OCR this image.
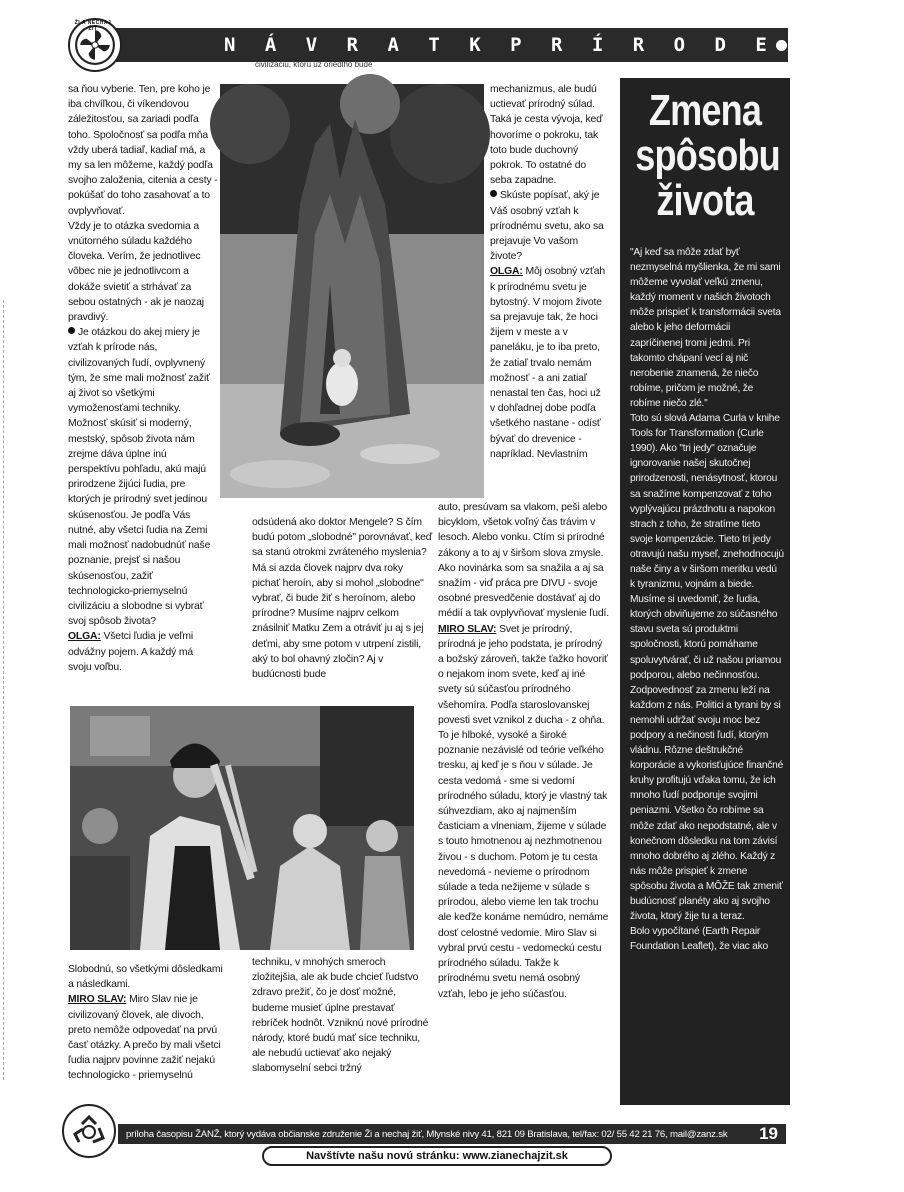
ŽI A NECHAJ ŽIŤ
N Á V R A T K P R Í R O D E ŽANŽ príloha
civilizáciu, ktorú uz onedlho bude

sa ňou vyberie. Ten, pre koho je iba chvíľkou, či víkendovou záležitosťou, sa zariadi podľa toho. Spoločnosť sa podľa mňa vždy uberá tadiaľ, kadiaľ má, a my sa len môžeme, každý podľa svojho založenia, citenia a cesty - pokúšať do toho zasahovať a to ovplyvňovať.

Vždy je to otázka svedomia a vnútorného súladu každého človeka. Verím, že jednotlivec vôbec nie je jednotlivcom a dokáže svietiť a strhávať za sebou ostatných - ak je naozaj pravdivý.

Je otázkou do akej miery je vzťah k prírode nás, civilizovaných ľudí, ovplyvnený tým, že sme mali možnosť zažiť aj život so všetkými vymoženosťami techniky. Možnosť skúsiť si moderný, mestský, spôsob života nám zrejme dáva úplne inú perspektívu pohľadu, akú majú prirodzene žijúci ľudia, pre ktorých je prírodný svet jedinou skúsenosťou. Je podľa Vás nutné, aby všetci ľudia na Zemi mali možnosť nadobudnúť naše poznanie, prejsť si našou skúsenosťou, zažiť technologicko-priemyselnú civilizáciu a slobodne si vybrať svoj spôsob života?

OLGA: Všetci ľudia je veľmi odvážny pojem. A každý má svoju voľbu.

mechanizmus, ale budú uctievať prírodný súlad. Taká je cesta vývoja, keď hovoríme o pokroku, tak toto bude duchovný pokrok. To ostatné do seba zapadne.

Skúste popísať, aký je Váš osobný vzťah k prírodnému svetu, ako sa prejavuje Vo vašom živote?

OLGA: Môj osobný vzťah k prírodnému svetu je bytostný. V mojom živote sa prejavuje tak, že hoci žijem v meste a v paneláku, je to iba preto, že zatiaľ trvalo nemám možnosť - a ani zatiaľ nenastal ten čas, hoci už v dohľadnej dobe podľa všetkého nastane - odísť bývať do drevenice - napríklad. Nevlastním

odsúdená ako doktor Mengele? S čím budú potom „slobodné" porovnávať, keď sa stanú otrokmi zvráteného myslenia? Má si azda človek najprv dva roky pichať heroín, aby si mohol „slobodne" vybrať, či bude žiť s heroínom, alebo prírodne? Musíme najprv celkom znásilniť Matku Zem a otráviť ju aj s jej deťmi, aby sme potom v utrpení zistili, aký to bol ohavný zločin? Aj v budúcnosti bude

auto, presúvam sa vlakom, peši alebo bicyklom, všetok voľný čas trávim v lesoch. Alebo vonku. Ctím si prírodné zákony a to aj v širšom slova zmysle. Ako novinárka som sa snažila a aj sa snažím - viď práca pre DIVU - svoje osobné presvedčenie dostávať aj do médií a tak ovplyvňovať myslenie ľudí.

MIRO SLAV: Svet je prírodný, prírodná je jeho podstata, je prírodný a božský zároveň, takže ťažko hovoriť o nejakom inom svete, keď aj iné svety sú súčasťou prírodného všehomíra. Podľa staroslovanskej povesti svet vznikol z ducha - z ohňa. To je hlboké, vysoké a široké poznanie nezávislé od teórie veľkého tresku, aj keď je s ňou v súlade. Je cesta vedomá - sme si vedomí prírodného súladu, ktorý je vlastný tak súhvezdiam, ako aj najmenším časticiam a vlneniam, žijeme v súlade s touto hmotnenou aj nezhmotnenou živou - s duchom. Potom je tu cesta nevedomá - nevieme o prírodnom súlade a teda nežijeme v súlade s prírodou, alebo vieme len tak trochu ale keďže konáme nemúdro, nemáme dosť celostné vedomie. Miro Slav si vybral prvú cestu - vedomeckú cestu prírodného súladu. Takže k prírodnému svetu nemá osobný vzťah, lebo je jeho súčasťou.

Slobodnú, so všetkými dôsledkami a následkami.

MIRO SLAV: Miro Slav nie je civilizovaný človek, ale divoch, preto nemôže odpovedať na prvú časť otázky. A prečo by mali všetci ľudia najprv povinne zažiť nejakú technologicko - priemyselnú

techniku, v mnohých smeroch zložitejšia, ale ak bude chcieť ľudstvo zdravo prežiť, čo je dosť možné, budeme musieť úplne prestavať rebríček hodnôt. Vzniknú nové prírodné národy, ktoré budú mať síce techniku, ale nebudú uctievať ako nejaký slabomyselní sebci tržný

Zmena
spôsobu
života

"Aj keď sa môže zdať byť nezmyselná myšlienka, že mi sami môžeme vyvolať veľkú zmenu, každý moment v našich životoch môže prispieť k transformácii sveta alebo k jeho deformácii zapríčinenej tromi jedmi. Pri takomto chápaní vecí aj nič nerobenie znamená, že niečo robíme, pričom je možné, že robíme niečo zlé."

Toto sú slová Adama Curla v knihe Tools for Transformation (Curle 1990). Ako "tri jedy" označuje ignorovanie našej skutočnej prirodzenosti, nenásytnosť, ktorou sa snažíme kompenzovať z toho vyplývajúcu prázdnotu a napokon strach z toho, že stratíme tieto svoje kompenzácie. Tieto tri jedy otravujú našu myseľ, znehodnocujú naše činy a v širšom meritku vedú k tyranizmu, vojnám a biede.

Musíme si uvedomiť, že ľudia, ktorých obviňujeme zo súčasného stavu sveta sú produktmi spoločnosti, ktorú pomáhame spoluvytvárať, či už našou priamou podporou, alebo nečinnosťou. Zodpovednosť za zmenu leží na každom z nás. Politici a tyrani by si nemohli udržať svoju moc bez podpory a nečinosti ľudí, ktorým vládnu. Rôzne deštrukčné korporácie a vykorisťujúce finančné kruhy profitujú vďaka tomu, že ich mnoho ľudí podporuje svojimi peniazmi. Všetko čo robíme sa môže zdať ako nepodstatné, ale v konečnom dôsledku na tom závisí mnoho dobrého aj zlého. Každý z nás môže prispieť k zmene spôsobu života a MÔŽE tak zmeniť budúcnosť planéty ako aj svojho života, ktorý žije tu a teraz.

Bolo vypočítané (Earth Repair Foundation Leaflet), že viac ako

príloha časopisu ŽANŽ, ktorý vydáva občianske združenie Ži a nechaj žiť, Mlynské nivy 41, 821 09 Bratislava, tel/fax: 02/ 55 42 21 76, mail@zanz.sk 19
Navštívte našu novú stránku: www.zianechajzit.sk
